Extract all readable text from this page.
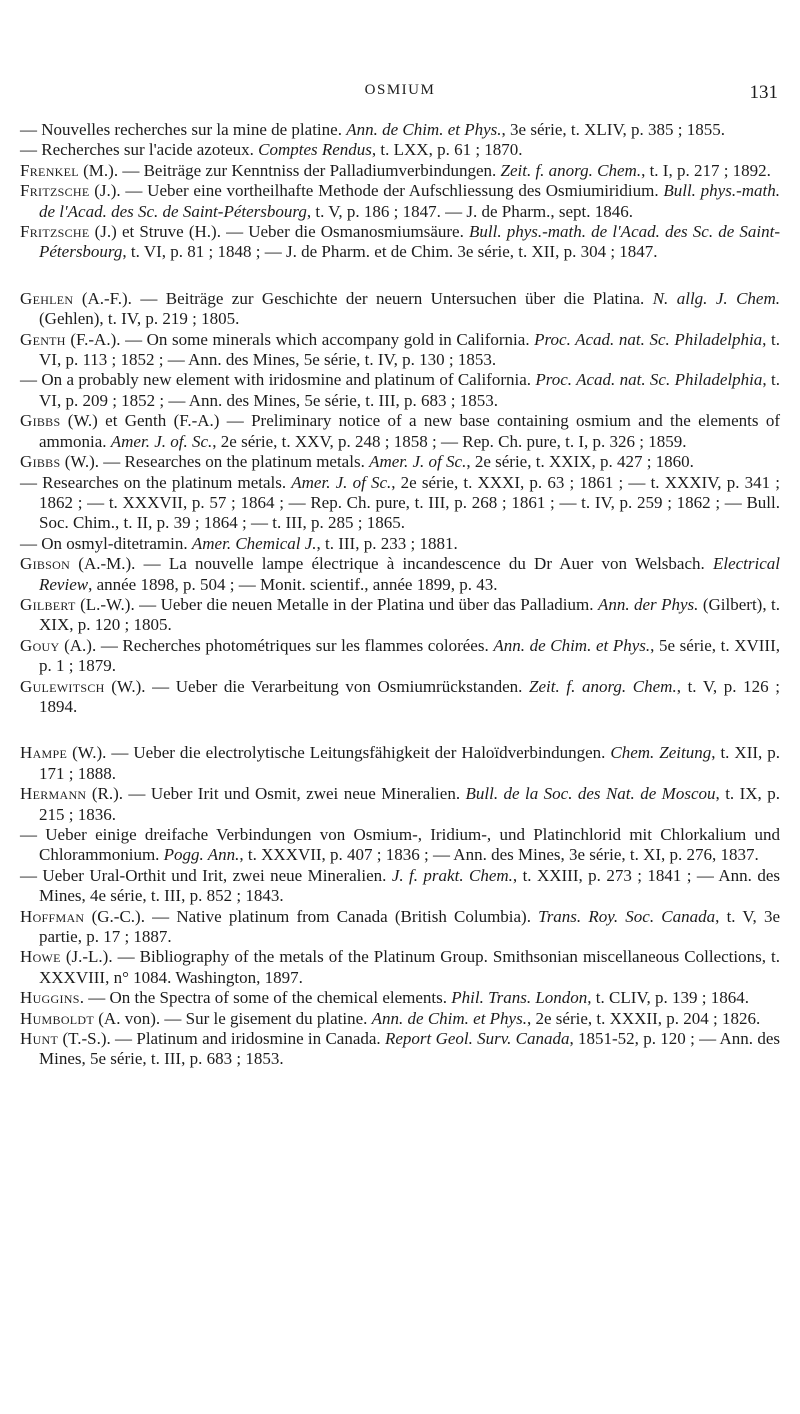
OSMIUM	131

— Nouvelles recherches sur la mine de platine. Ann. de Chim. et Phys., 3e série, t. XLIV, p. 385 ; 1855.

— Recherches sur l'acide azoteux. Comptes Rendus, t. LXX, p. 61 ; 1870.

Frenkel (M.). — Beiträge zur Kenntniss der Palladiumverbindungen. Zeit. f. anorg. Chem., t. I, p. 217 ; 1892.

Fritzsche (J.). — Ueber eine vortheilhafte Methode der Aufschliessung des Osmiumiridium. Bull. phys.-math. de l'Acad. des Sc. de Saint-Pétersbourg, t. V, p. 186 ; 1847. — J. de Pharm., sept. 1846.

Fritzsche (J.) et Struve (H.). — Ueber die Osmanosmiumsäure. Bull. phys.-math. de l'Acad. des Sc. de Saint-Pétersbourg, t. VI, p. 81 ; 1848 ; — J. de Pharm. et de Chim. 3e série, t. XII, p. 304 ; 1847.

Gehlen (A.-F.). — Beiträge zur Geschichte der neuern Untersuchen über die Platina. N. allg. J. Chem. (Gehlen), t. IV, p. 219 ; 1805.

Genth (F.-A.). — On some minerals which accompany gold in California. Proc. Acad. nat. Sc. Philadelphia, t. VI, p. 113 ; 1852 ; — Ann. des Mines, 5e série, t. IV, p. 130 ; 1853.

— On a probably new element with iridosmine and platinum of California. Proc. Acad. nat. Sc. Philadelphia, t. VI, p. 209 ; 1852 ; — Ann. des Mines, 5e série, t. III, p. 683 ; 1853.

Gibbs (W.) et Genth (F.-A.) — Preliminary notice of a new base containing osmium and the elements of ammonia. Amer. J. of. Sc., 2e série, t. XXV, p. 248 ; 1858 ; — Rep. Ch. pure, t. I, p. 326 ; 1859.

Gibbs (W.). — Researches on the platinum metals. Amer. J. of Sc., 2e série, t. XXIX, p. 427 ; 1860.

— Researches on the platinum metals. Amer. J. of Sc., 2e série, t. XXXI, p. 63 ; 1861 ; — t. XXXIV, p. 341 ; 1862 ; — t. XXXVII, p. 57 ; 1864 ; — Rep. Ch. pure, t. III, p. 268 ; 1861 ; — t. IV, p. 259 ; 1862 ; — Bull. Soc. Chim., t. II, p. 39 ; 1864 ; — t. III, p. 285 ; 1865.

— On osmyl-ditetramin. Amer. Chemical J., t. III, p. 233 ; 1881.

Gibson (A.-M.). — La nouvelle lampe électrique à incandescence du Dr Auer von Welsbach. Electrical Review, année 1898, p. 504 ; — Monit. scientif., année 1899, p. 43.

Gilbert (L.-W.). — Ueber die neuen Metalle in der Platina und über das Palladium. Ann. der Phys. (Gilbert), t. XIX, p. 120 ; 1805.

Gouy (A.). — Recherches photométriques sur les flammes colorées. Ann. de Chim. et Phys., 5e série, t. XVIII, p. 1 ; 1879.

Gulewitsch (W.). — Ueber die Verarbeitung von Osmiumrückstanden. Zeit. f. anorg. Chem., t. V, p. 126 ; 1894.

Hampe (W.). — Ueber die electrolytische Leitungsfähigkeit der Haloïdverbindungen. Chem. Zeitung, t. XII, p. 171 ; 1888.

Hermann (R.). — Ueber Irit und Osmit, zwei neue Mineralien. Bull. de la Soc. des Nat. de Moscou, t. IX, p. 215 ; 1836.

— Ueber einige dreifache Verbindungen von Osmium-, Iridium-, und Platinchlorid mit Chlorkalium und Chlorammonium. Pogg. Ann., t. XXXVII, p. 407 ; 1836 ; — Ann. des Mines, 3e série, t. XI, p. 276, 1837.

— Ueber Ural-Orthit und Irit, zwei neue Mineralien. J. f. prakt. Chem., t. XXIII, p. 273 ; 1841 ; — Ann. des Mines, 4e série, t. III, p. 852 ; 1843.

Hoffman (G.-C.). — Native platinum from Canada (British Columbia). Trans. Roy. Soc. Canada, t. V, 3e partie, p. 17 ; 1887.

Howe (J.-L.). — Bibliography of the metals of the Platinum Group. Smithsonian miscellaneous Collections, t. XXXVIII, n° 1084. Washington, 1897.

Huggins. — On the Spectra of some of the chemical elements. Phil. Trans. London, t. CLIV, p. 139 ; 1864.

Humboldt (A. von). — Sur le gisement du platine. Ann. de Chim. et Phys., 2e série, t. XXXII, p. 204 ; 1826.

Hunt (T.-S.). — Platinum and iridosmine in Canada. Report Geol. Surv. Canada, 1851-52, p. 120 ; — Ann. des Mines, 5e série, t. III, p. 683 ; 1853.
